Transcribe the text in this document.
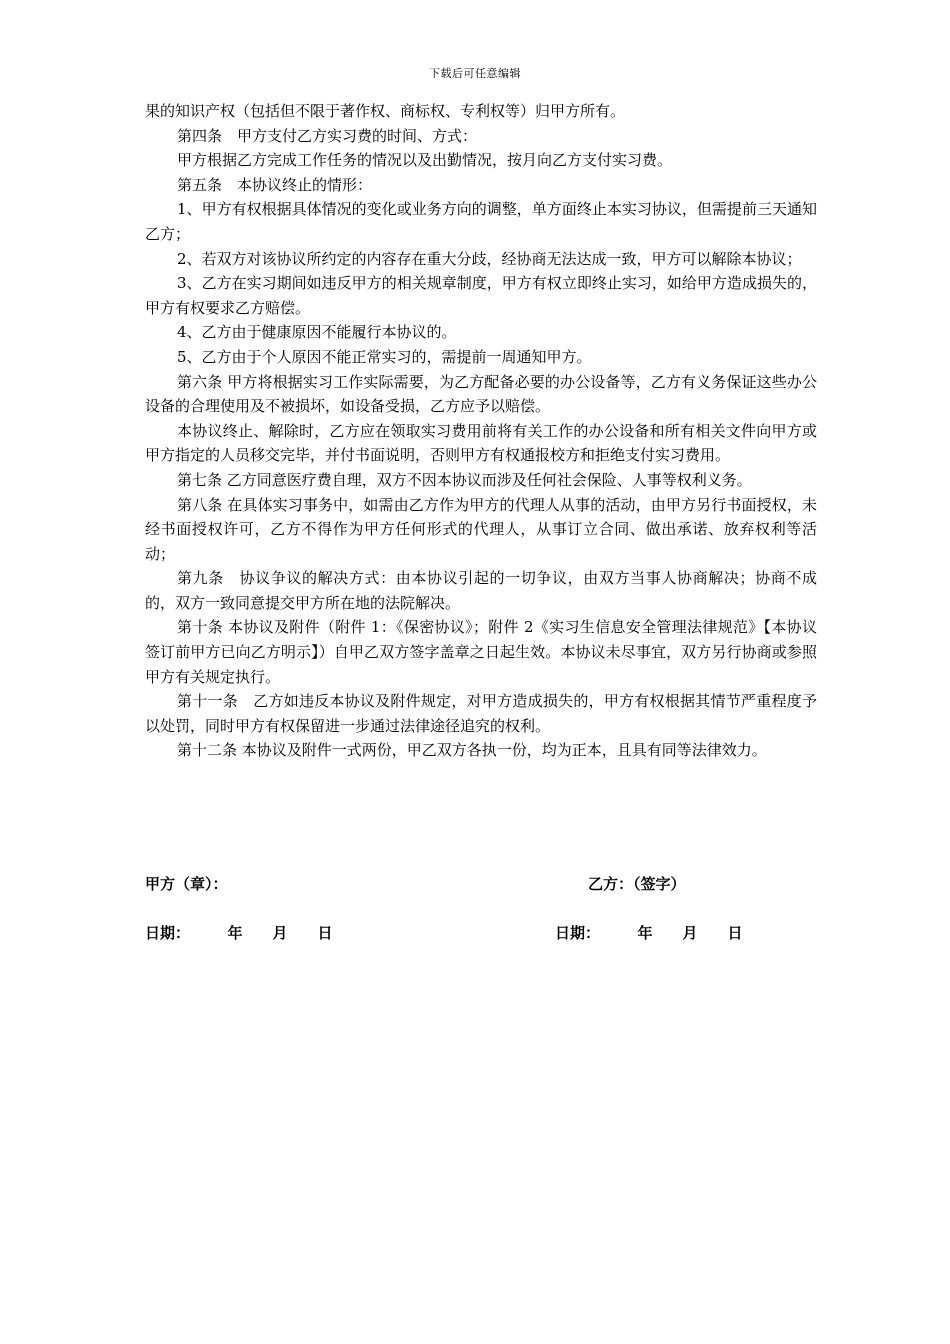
下载后可任意编辑

果的知识产权（包括但不限于著作权、商标权、专利权等）归甲方所有。

第四条　甲方支付乙方实习费的时间、方式：

甲方根据乙方完成工作任务的情况以及出勤情况，按月向乙方支付实习费。

第五条　本协议终止的情形：

1、甲方有权根据具体情况的变化或业务方向的调整，单方面终止本实习协议，但需提前三天通知乙方；

2、若双方对该协议所约定的内容存在重大分歧，经协商无法达成一致，甲方可以解除本协议；

3、乙方在实习期间如违反甲方的相关规章制度，甲方有权立即终止实习，如给甲方造成损失的，甲方有权要求乙方赔偿。

4、乙方由于健康原因不能履行本协议的。

5、乙方由于个人原因不能正常实习的，需提前一周通知甲方。

第六条 甲方将根据实习工作实际需要，为乙方配备必要的办公设备等，乙方有义务保证这些办公设备的合理使用及不被损坏，如设备受损，乙方应予以赔偿。

本协议终止、解除时，乙方应在领取实习费用前将有关工作的办公设备和所有相关文件向甲方或甲方指定的人员移交完毕，并付书面说明，否则甲方有权通报校方和拒绝支付实习费用。

第七条 乙方同意医疗费自理，双方不因本协议而涉及任何社会保险、人事等权利义务。

第八条 在具体实习事务中，如需由乙方作为甲方的代理人从事的活动，由甲方另行书面授权，未经书面授权许可，乙方不得作为甲方任何形式的代理人，从事订立合同、做出承诺、放弃权利等活动；

第九条　协议争议的解决方式：由本协议引起的一切争议，由双方当事人协商解决；协商不成的，双方一致同意提交甲方所在地的法院解决。

第十条 本协议及附件（附件 1：《保密协议》；附件 2《实习生信息安全管理法律规范》【本协议签订前甲方已向乙方明示】）自甲乙双方签字盖章之日起生效。本协议未尽事宜，双方另行协商或参照甲方有关规定执行。

第十一条　乙方如违反本协议及附件规定，对甲方造成损失的，甲方有权根据其情节严重程度予以处罚，同时甲方有权保留进一步通过法律途径追究的权利。

第十二条 本协议及附件一式两份，甲乙双方各执一份，均为正本，且具有同等法律效力。

甲方（章）：	乙方：（签字）
日期：　　　年　　月　　日	日期：　　　年　　月　　日
